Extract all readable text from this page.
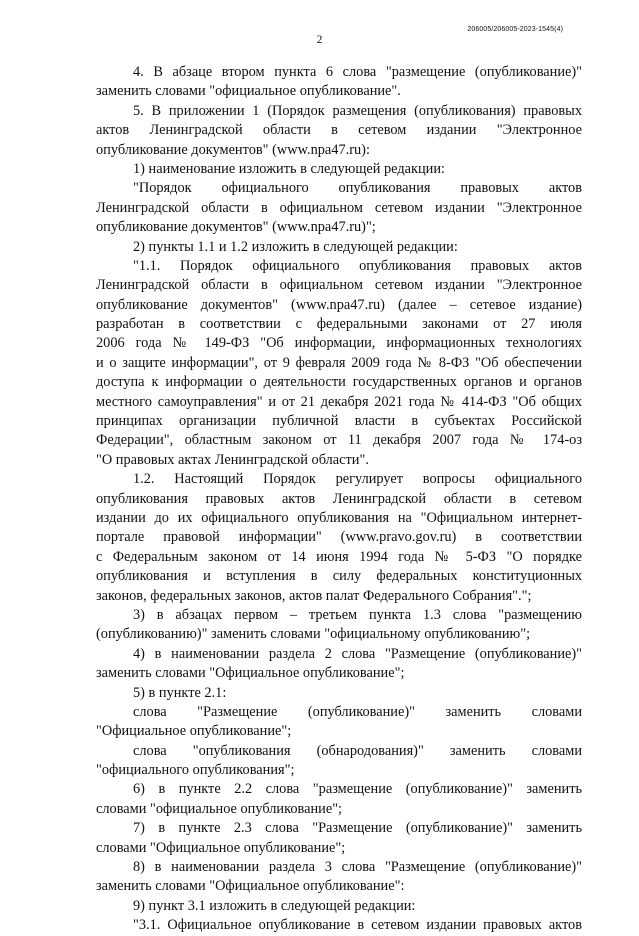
206005/206005-2023-1545(4)
2
4. В абзаце втором пункта 6 слова "размещение (опубликование)"
заменить словами "официальное опубликование".
5. В приложении 1 (Порядок размещения (опубликования) правовых
актов Ленинградской области в сетевом издании "Электронное
опубликование документов" (www.npa47.ru):
1) наименование изложить в следующей редакции:
"Порядок официального опубликования правовых актов
Ленинградской области в официальном сетевом издании "Электронное
опубликование документов" (www.npa47.ru)";
2) пункты 1.1 и 1.2 изложить в следующей редакции:
"1.1. Порядок официального опубликования правовых актов
Ленинградской области в официальном сетевом издании "Электронное
опубликование документов" (www.npa47.ru) (далее – сетевое издание)
разработан в соответствии с федеральными законами от 27 июля
2006 года № 149-ФЗ "Об информации, информационных технологиях
и о защите информации", от 9 февраля 2009 года № 8-ФЗ "Об обеспечении
доступа к информации о деятельности государственных органов и органов
местного самоуправления" и от 21 декабря 2021 года № 414-ФЗ "Об общих
принципах организации публичной власти в субъектах Российской
Федерации", областным законом от 11 декабря 2007 года № 174-оз
"О правовых актах Ленинградской области".
1.2. Настоящий Порядок регулирует вопросы официального
опубликования правовых актов Ленинградской области в сетевом
издании до их официального опубликования на "Официальном интернет-
портале правовой информации" (www.pravo.gov.ru) в соответствии
с Федеральным законом от 14 июня 1994 года № 5-ФЗ "О порядке
опубликования и вступления в силу федеральных конституционных
законов, федеральных законов, актов палат Федерального Собрания".";
3) в абзацах первом – третьем пункта 1.3 слова "размещению
(опубликованию)" заменить словами "официальному опубликованию";
4) в наименовании раздела 2 слова "Размещение (опубликование)"
заменить словами "Официальное опубликование";
5) в пункте 2.1:
слова "Размещение (опубликование)" заменить словами
"Официальное опубликование";
слова "опубликования (обнародования)" заменить словами
"официального опубликования";
6) в пункте 2.2 слова "размещение (опубликование)" заменить
словами "официальное опубликование";
7) в пункте 2.3 слова "Размещение (опубликование)" заменить
словами "Официальное опубликование";
8) в наименовании раздела 3 слова "Размещение (опубликование)"
заменить словами "Официальное опубликование":
9) пункт 3.1 изложить в следующей редакции:
"3.1. Официальное опубликование в сетевом издании правовых актов
